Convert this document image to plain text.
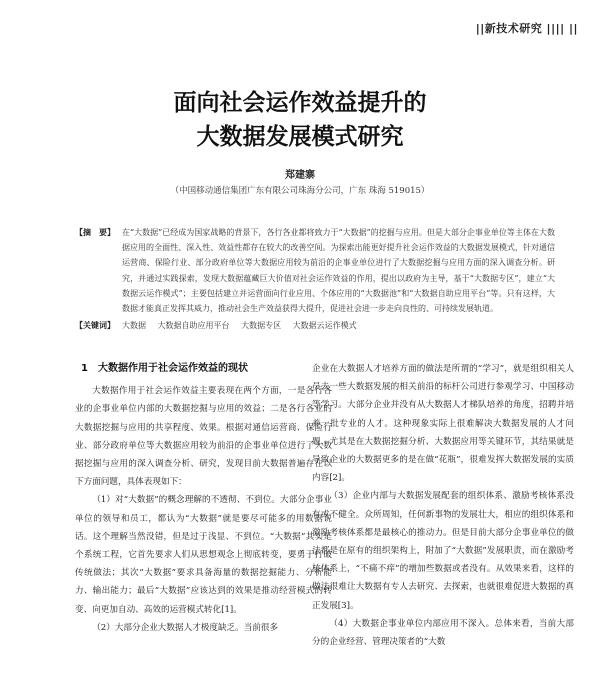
||新技术研究 |||| ||
面向社会运作效益提升的
大数据发展模式研究
郑建寨
（中国移动通信集团广东有限公司珠海分公司，广东 珠海 519015）
【摘　要】 在“大数据”已经成为国家战略的背景下，各行各业都将致力于“大数据”的挖掘与应用。但是大部分企事业单位等主体在大数据应用的全面性、深入性、效益性都存在较大的改善空间。为探索出能更好提升社会运作效益的大数据发展模式，针对通信运营商、保险行业、部分政府单位等大数据应用较为前沿的企事业单位进行了大数据挖掘与应用方面的深入调查分析。研究，并通过实践探索，发现大数据蕴藏巨大价值对社会运作效益的作用，提出以政府为主导，基于“大数据专区”，建立“大数据云运作模式”；主要包括建立并运营面向行业应用、个体应用的“大数据池”和“大数据自助应用平台”等。只有这样，大数据才能真正发挥其威力，推动社会生产效益获得大提升，促进社会进一步走向良性的、可持续发展轨道。
【关键词】 大数据 大数据自助应用平台 大数据专区 大数据云运作模式
1　大数据作用于社会运作效益的现状

大数据作用于社会运作效益主要表现在两个方面，一是各行各业的企事业单位内部的大数据挖掘与应用的效益；二是各行各业的大数据挖掘与应用的共享程度、效果。根据对通信运营商、保险行业、部分政府单位等大数据应用较为前沿的企事业单位进行了大数据挖掘与应用的深入调查分析、研究，发现目前大数据普遍存在以下方面问题，具体表现如下：

（1）对“大数据”的概念理解的不透彻、不到位。大部分企事业单位的领导和员工，都认为“大数据”就是要尽可能多的用数据说话。这个理解当然没错，但是过于浅显、不到位。“大数据”其实是个系统工程，它首先要求人们从思想观念上彻底转变，要勇于打破传统做法；其次“大数据”要求具备海量的数据挖掘能力、分析能力、输出能力；最后“大数据”应该达到的效果是推动经营模式的转变、向更加自动、高效的运营模式转化[1]。

（2）大部分企业大数据人才极度缺乏。当前很多

企业在大数据人才培养方面的做法是所谓的“学习”，就是组织相关人员去一些大数据发展的相关前沿的标杆公司进行参观学习、中国移动等学习。大部分企业并没有从大数据人才梯队培养的角度，招聘并培养一批专业的人才。这种现象实际上很难解决大数据发展的人才问题，尤其是在大数据挖掘分析、大数据应用等关键环节，其结果就是导致企业的大数据更多的是在做“花瓶”，很难发挥大数据发展的实质内容[2]。

（3）企业内部与大数据发展配套的组织体系、激励考核体系没有或不健全。众所周知，任何新事物的发展壮大，相应的组织体系和激励考核体系都是最核心的推动力。但是目前大部分企事业单位的做法都是在原有的组织架构上，附加了“大数据”发展职责，而在激励考核体系上，“不痛不痒”的增加些数据或者没有。从效果来看，这样的做法很难让大数据有专人去研究、去探索，也就很难促进大数据的真正发展[3]。

（4）大数据企事业单位内部应用不深入。总体来看，当前大部分的企业经营、管理决策者的“大数
